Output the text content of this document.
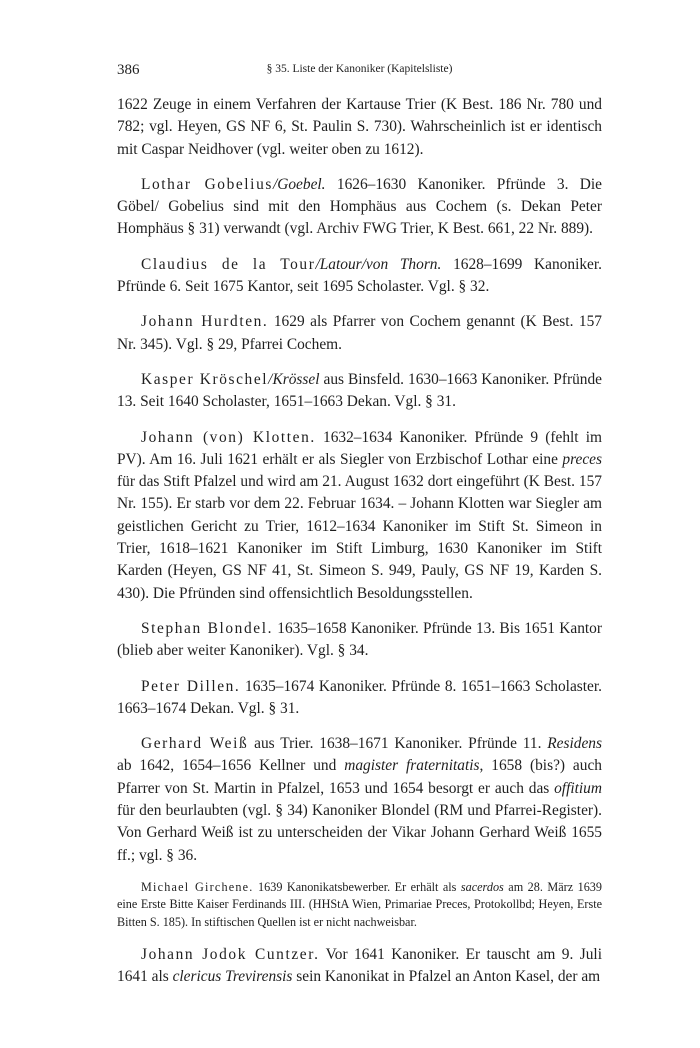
386	§ 35. Liste der Kanoniker (Kapitelsliste)

1622 Zeuge in einem Verfahren der Kartause Trier (K Best. 186 Nr. 780 und 782; vgl. Heyen, GS NF 6, St. Paulin S. 730). Wahrscheinlich ist er identisch mit Caspar Neidhover (vgl. weiter oben zu 1612).

Lothar Gobelius/Goebel. 1626–1630 Kanoniker. Pfründe 3. Die Göbel/ Gobelius sind mit den Homphäus aus Cochem (s. Dekan Peter Homphäus § 31) verwandt (vgl. Archiv FWG Trier, K Best. 661, 22 Nr. 889).

Claudius de la Tour/Latour/von Thorn. 1628–1699 Kanoniker. Pfründe 6. Seit 1675 Kantor, seit 1695 Scholaster. Vgl. § 32.

Johann Hurdten. 1629 als Pfarrer von Cochem genannt (K Best. 157 Nr. 345). Vgl. § 29, Pfarrei Cochem.

Kasper Kröschel/Krössel aus Binsfeld. 1630–1663 Kanoniker. Pfründe 13. Seit 1640 Scholaster, 1651–1663 Dekan. Vgl. § 31.

Johann (von) Klotten. 1632–1634 Kanoniker. Pfründe 9 (fehlt im PV). Am 16. Juli 1621 erhält er als Siegler von Erzbischof Lothar eine preces für das Stift Pfalzel und wird am 21. August 1632 dort eingeführt (K Best. 157 Nr. 155). Er starb vor dem 22. Februar 1634. – Johann Klotten war Siegler am geistlichen Gericht zu Trier, 1612–1634 Kanoniker im Stift St. Simeon in Trier, 1618–1621 Kanoniker im Stift Limburg, 1630 Kanoniker im Stift Karden (Heyen, GS NF 41, St. Simeon S. 949, Pauly, GS NF 19, Karden S. 430). Die Pfründen sind offensichtlich Besoldungsstellen.

Stephan Blondel. 1635–1658 Kanoniker. Pfründe 13. Bis 1651 Kantor (blieb aber weiter Kanoniker). Vgl. § 34.

Peter Dillen. 1635–1674 Kanoniker. Pfründe 8. 1651–1663 Scholaster. 1663–1674 Dekan. Vgl. § 31.

Gerhard Weiß aus Trier. 1638–1671 Kanoniker. Pfründe 11. Residens ab 1642, 1654–1656 Kellner und magister fraternitatis, 1658 (bis?) auch Pfarrer von St. Martin in Pfalzel, 1653 und 1654 besorgt er auch das offitium für den beurlaubten (vgl. § 34) Kanoniker Blondel (RM und Pfarrei-Register). Von Gerhard Weiß ist zu unterscheiden der Vikar Johann Gerhard Weiß 1655 ff.; vgl. § 36.

Michael Girchene. 1639 Kanonikatsbewerber. Er erhält als sacerdos am 28. März 1639 eine Erste Bitte Kaiser Ferdinands III. (HHStA Wien, Primariae Preces, Protokollbd; Heyen, Erste Bitten S. 185). In stiftischen Quellen ist er nicht nachweisbar.

Johann Jodok Cuntzer. Vor 1641 Kanoniker. Er tauscht am 9. Juli 1641 als clericus Trevirensis sein Kanonikat in Pfalzel an Anton Kasel, der am
